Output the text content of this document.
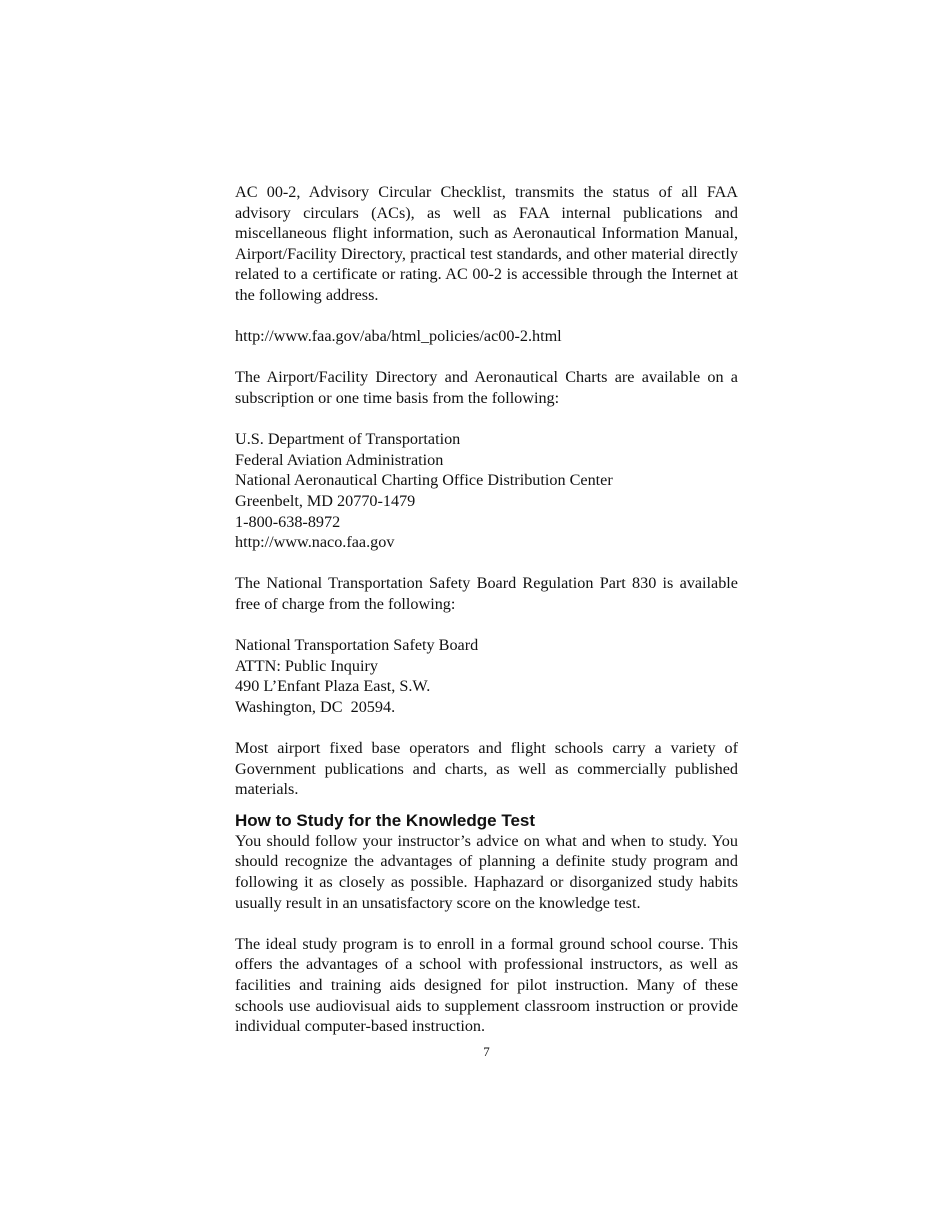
AC 00-2, Advisory Circular Checklist, transmits the status of all FAA advisory circulars (ACs), as well as FAA internal publications and miscellaneous flight information, such as Aeronautical Information Manual, Airport/Facility Directory, practical test standards, and other material directly related to a certificate or rating. AC 00-2 is accessible through the Internet at the following address.

http://www.faa.gov/aba/html_policies/ac00-2.html

The Airport/Facility Directory and Aeronautical Charts are available on a subscription or one time basis from the following:

U.S. Department of Transportation
Federal Aviation Administration
National Aeronautical Charting Office Distribution Center
Greenbelt, MD 20770-1479
1-800-638-8972
http://www.naco.faa.gov

The National Transportation Safety Board Regulation Part 830 is available free of charge from the following:

National Transportation Safety Board
ATTN: Public Inquiry
490 L’Enfant Plaza East, S.W.
Washington, DC  20594.

Most airport fixed base operators and flight schools carry a variety of Government publications and charts, as well as commercially published materials.

How to Study for the Knowledge Test

You should follow your instructor’s advice on what and when to study. You should recognize the advantages of planning a definite study program and following it as closely as possible. Haphazard or disorganized study habits usually result in an unsatisfactory score on the knowledge test.

The ideal study program is to enroll in a formal ground school course. This offers the advantages of a school with professional instructors, as well as facilities and training aids designed for pilot instruction. Many of these schools use audiovisual aids to supplement classroom instruction or provide individual computer-based instruction.

7
